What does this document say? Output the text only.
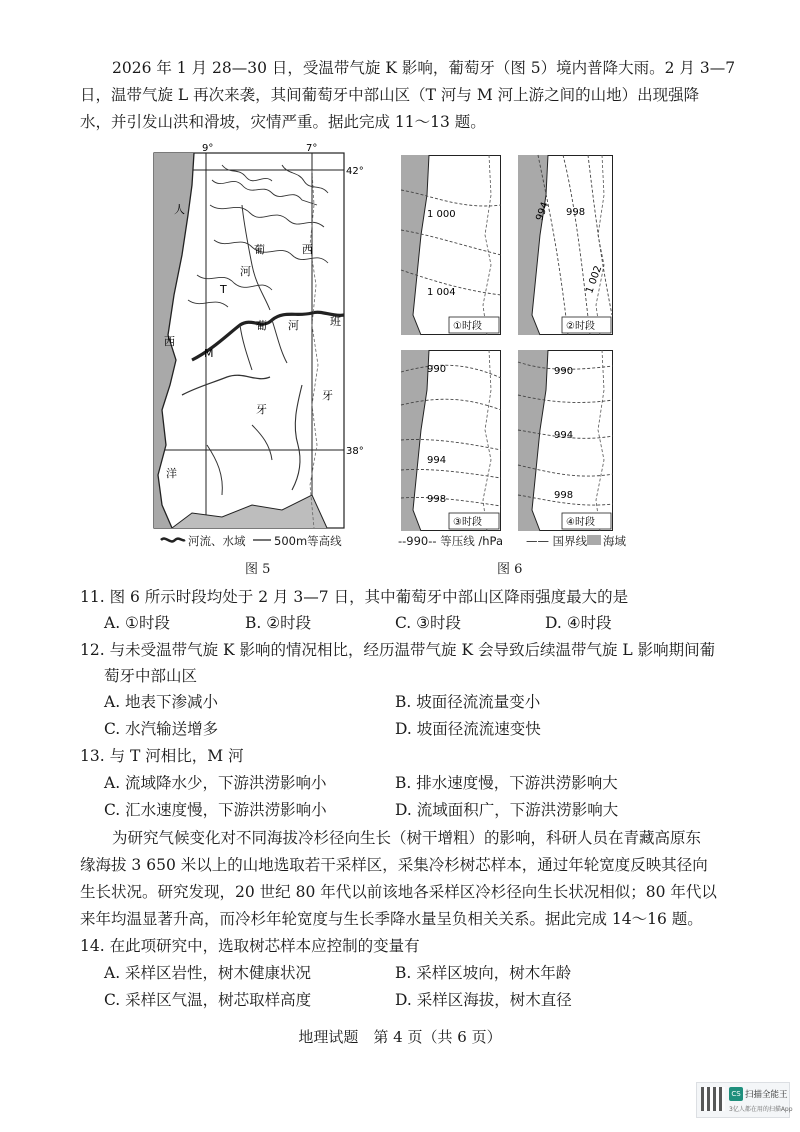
2026 年 1 月 28—30 日，受温带气旋 K 影响，葡萄牙（图 5）境内普降大雨。2 月 3—7
日，温带气旋 L 再次来袭，其间葡萄牙中部山区（T 河与 M 河上游之间的山地）出现强降
水，并引发山洪和滑坡，灾情严重。据此完成 11～13 题。
9°	7°
42°
38°
人
西
洋
葡	西
T
河
葡 河	班
M
牙
牙
河流、水域 500m等高线
图 5
1 000
1 004
①时段
994 998
1 002
②时段
990
994
998
③时段
990
994
998
④时段
--990-- 等压线 /hPa —— 国界线 海域
图 6
11. 图 6 所示时段均处于 2 月 3—7 日，其中葡萄牙中部山区降雨强度最大的是
A. ①时段	B. ②时段	C. ③时段	D. ④时段
12. 与未受温带气旋 K 影响的情况相比，经历温带气旋 K 会导致后续温带气旋 L 影响期间葡
萄牙中部山区
A. 地表下渗减小	B. 坡面径流流量变小
C. 水汽输送增多	D. 坡面径流流速变快
13. 与 T 河相比，M 河
A. 流域降水少，下游洪涝影响小	B. 排水速度慢，下游洪涝影响大
C. 汇水速度慢，下游洪涝影响小	D. 流域面积广，下游洪涝影响大
为研究气候变化对不同海拔冷杉径向生长（树干增粗）的影响，科研人员在青藏高原东
缘海拔 3 650 米以上的山地选取若干采样区，采集冷杉树芯样本，通过年轮宽度反映其径向
生长状况。研究发现，20 世纪 80 年代以前该地各采样区冷杉径向生长状况相似；80 年代以
来年均温显著升高，而冷杉年轮宽度与生长季降水量呈负相关关系。据此完成 14～16 题。
14. 在此项研究中，选取树芯样本应控制的变量有
A. 采样区岩性，树木健康状况	B. 采样区坡向，树木年龄
C. 采样区气温，树芯取样高度	D. 采样区海拔，树木直径
地理试题　第 4 页（共 6 页）
CS 扫描全能王
3亿人都在用的扫描App
